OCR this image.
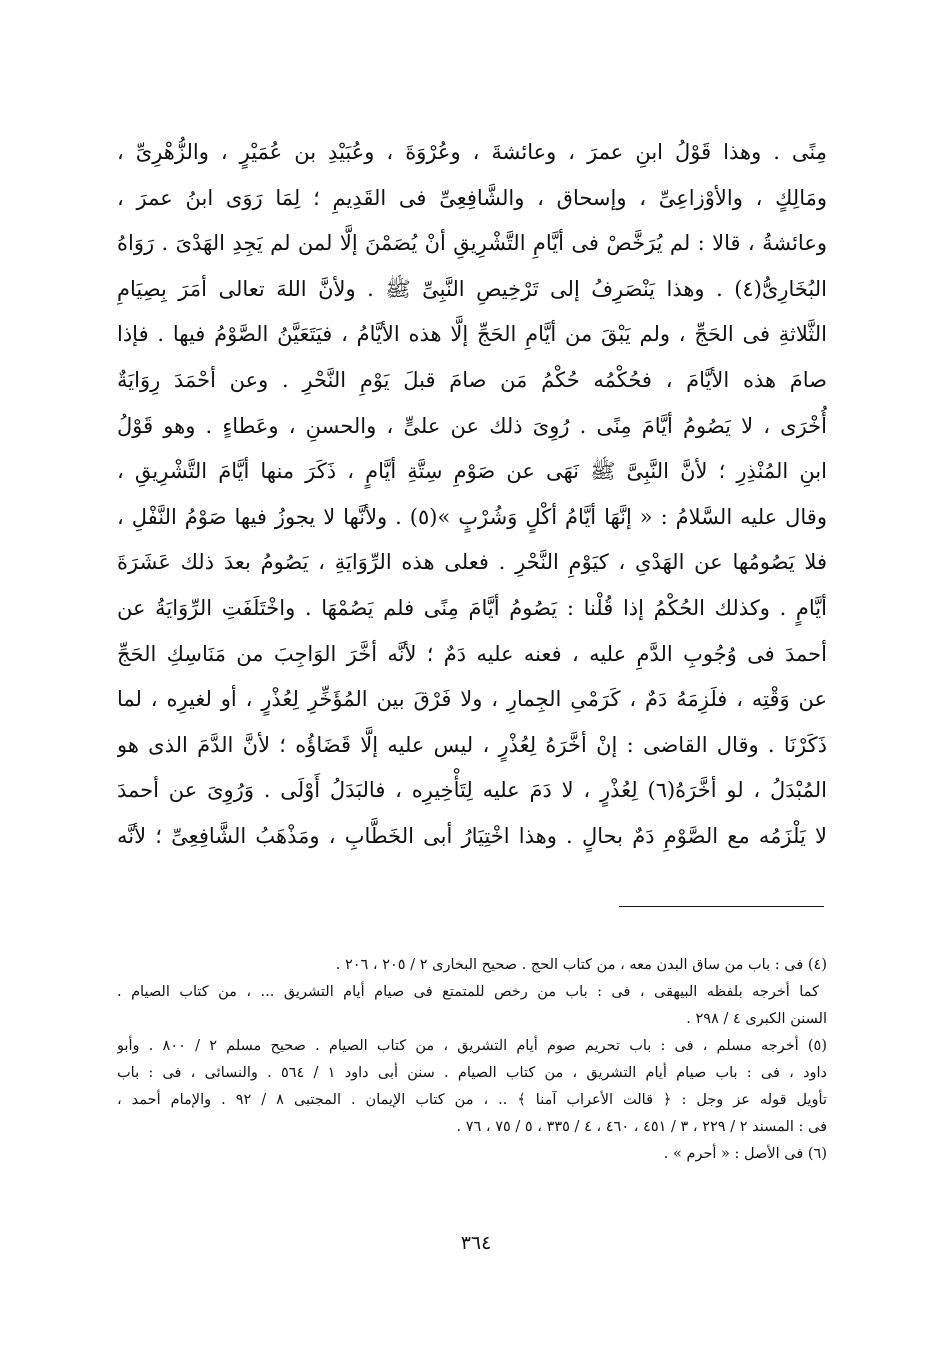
مِنًى . وهذا قَوْلُ ابنِ عمرَ ، وعائشةَ ، وعُرْوَةَ ، وعُبَيْدِ بن عُمَيْرٍ ، والزُّهْرِىِّ ،
ومَالِكٍ ، والأوْزاعِىِّ ، وإسحاق ، والشَّافِعِىِّ فى القَدِيمِ ؛ لِمَا رَوَى ابنُ عمرَ ،
وعائشةُ ، قالا : لم يُرَخَّصْ فى أيَّامِ التَّشْرِيقِ أنْ يُصَمْنَ إلَّا لمن لم يَجِدِ الهَدْىَ . رَوَاهُ
البُخَارِىُّ(٤) . وهذا يَنْصَرِفُ إلى تَرْخِيصِ النَّبِىِّ ﷺ . ولأنَّ اللهَ تعالى أمَرَ بِصِيَامِ
الثَّلاثةِ فى الحَجِّ ، ولم يَبْقَ من أيَّامِ الحَجِّ إلَّا هذه الأيَّامُ ، فيَتَعَيَّنُ الصَّوْمُ فيها . فإذا
صامَ هذه الأيَّامَ ، فحُكْمُه حُكْمُ مَن صامَ قبلَ يَوْمِ النَّحْرِ . وعن أحْمَدَ رِوَايَةٌ
أُخْرَى ، لا يَصُومُ أيَّامَ مِنًى . رُوِىَ ذلك عن علىٍّ ، والحسنِ ، وعَطاءٍ . وهو قَوْلُ
ابنِ المُنْذِرِ ؛ لأنَّ النَّبِىَّ ﷺ نَهَى عن صَوْمِ سِتَّةِ أيَّامٍ ، ذَكَرَ منها أيَّامَ التَّشْرِيقِ ،
وقال عليه السَّلامُ : « إنَّهَا أيَّامُ أكْلٍ وَشُرْبٍ »(٥) . ولأنَّها لا يجوزُ فيها صَوْمُ النَّفْلِ ،
فلا يَصُومُها عن الهَدْىِ ، كيَوْمِ النَّحْرِ . فعلى هذه الرِّوَايَةِ ، يَصُومُ بعدَ ذلك عَشَرَةَ
أيَّامٍ . وكذلك الحُكْمُ إذا قُلْنا : يَصُومُ أيَّامَ مِنًى فلم يَصُمْهَا . واخْتَلَفَتِ الرِّوَايَةُ عن
أحمدَ فى وُجُوبِ الدَّمِ عليه ، فعنه عليه دَمٌ ؛ لأنَّه أخَّرَ الوَاجِبَ من مَنَاسِكِ الحَجِّ
عن وَقْتِه ، فلَزِمَهُ دَمٌ ، كَرَمْىِ الجِمارِ ، ولا فَرْقَ بين المُؤَخِّرِ لِعُذْرٍ ، أو لغيرِه ، لما
ذَكَرْنَا . وقال القاضى : إنْ أخَّرَهُ لِعُذْرٍ ، ليس عليه إلَّا قَضَاؤُه ؛ لأنَّ الدَّمَ الذى هو
المُبْدَلُ ، لو أخَّرَهُ(٦) لِعُذْرٍ ، لا دَمَ عليه لِتَأْخِيرِه ، فالبَدَلُ أَوْلَى . وَرُوِىَ عن أحمدَ
لا يَلْزَمُه مع الصَّوْمِ دَمٌ بحالٍ . وهذا اخْتِيَارُ أبى الخَطَّابِ ، ومَذْهَبُ الشَّافِعِىِّ ؛ لأنَّه
(٤) فى : باب من ساق البدن معه ، من كتاب الحج . صحيح البخارى ٢ / ٢٠٥ ، ٢٠٦ .
كما أخرجه بلفظه البيهقى ، فى : باب من رخص للمتمتع فى صيام أيام التشريق ... ، من كتاب الصيام .
السنن الكبرى ٤ / ٢٩٨ .
(٥) أخرجه مسلم ، فى : باب تحريم صوم أيام التشريق ، من كتاب الصيام . صحيح مسلم ٢ / ٨٠٠ . وأبو
داود ، فى : باب صيام أيام التشريق ، من كتاب الصيام . سنن أبى داود ١ / ٥٦٤ . والنسائى ، فى : باب
تأويل قوله عز وجل : ﴿ قالت الأعراب آمنا ﴾ .. ، من كتاب الإيمان . المجتبى ٨ / ٩٢ . والإمام أحمد ،
فى : المسند ٢ / ٢٢٩ ، ٣ / ٤٥١ ، ٤٦٠ ، ٤ / ٣٣٥ ، ٥ / ٧٥ ، ٧٦ .
(٦) فى الأصل : « أحرم » .
٣٦٤
